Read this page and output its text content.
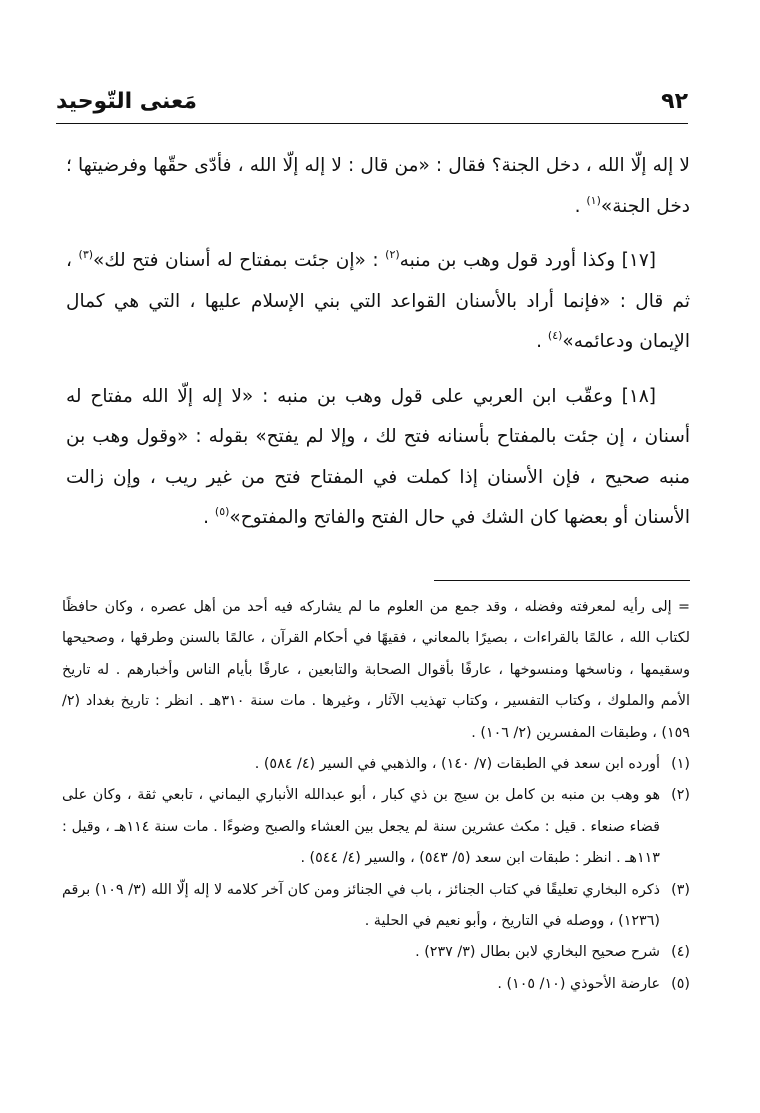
٩٢
مَعنى التّوحيد

لا إله إلّا الله ، دخل الجنة؟ فقال : «من قال : لا إله إلّا الله ، فأدّى حقّها وفرضيتها ؛ دخل الجنة»$^{(١)}$ .

[١٧] وكذا أورد قول وهب بن منبه$^{(٢)}$ : «إن جئت بمفتاح له أسنان فتح لك»$^{(٣)}$ ، ثم قال : «فإنما أراد بالأسنان القواعد التي بني الإسلام عليها ، التي هي كمال الإيمان ودعائمه»$^{(٤)}$ .

[١٨] وعقّب ابن العربي على قول وهب بن منبه : «لا إله إلّا الله مفتاح له أسنان ، إن جئت بالمفتاح بأسنانه فتح لك ، وإلا لم يفتح» بقوله : «وقول وهب بن منبه صحيح ، فإن الأسنان إذا كملت في المفتاح فتح من غير ريب ، وإن زالت الأسنان أو بعضها كان الشك في حال الفتح والفاتح والمفتوح»$^{(٥)}$ .

= إلى رأيه لمعرفته وفضله ، وقد جمع من العلوم ما لم يشاركه فيه أحد من أهل عصره ، وكان حافظًا لكتاب الله ، عالمًا بالقراءات ، بصيرًا بالمعاني ، فقيهًا في أحكام القرآن ، عالمًا بالسنن وطرقها ، وصحيحها وسقيمها ، وناسخها ومنسوخها ، عارفًا بأقوال الصحابة والتابعين ، عارفًا بأيام الناس وأخبارهم . له تاريخ الأمم والملوك ، وكتاب التفسير ، وكتاب تهذيب الآثار ، وغيرها . مات سنة ٣١٠هـ . انظر : تاريخ بغداد (٢/ ١٥٩) ، وطبقات المفسرين (٢/ ١٠٦) .

(١)
أورده ابن سعد في الطبقات (٧/ ١٤٠) ، والذهبي في السير (٤/ ٥٨٤) .

(٢)
هو وهب بن منبه بن كامل بن سيج بن ذي كبار ، أبو عبدالله الأنباري اليماني ، تابعي ثقة ، وكان على قضاء صنعاء . قيل : مكث عشرين سنة لم يجعل بين العشاء والصبح وضوءًا . مات سنة ١١٤هـ ، وقيل : ١١٣هـ . انظر : طبقات ابن سعد (٥/ ٥٤٣) ، والسير (٤/ ٥٤٤) .

(٣)
ذكره البخاري تعليقًا في كتاب الجنائز ، باب في الجنائز ومن كان آخر كلامه لا إله إلّا الله (٣/ ١٠٩) برقم (١٢٣٦) ، ووصله في التاريخ ، وأبو نعيم في الحلية .

(٤)
شرح صحيح البخاري لابن بطال (٣/ ٢٣٧) .

(٥)
عارضة الأحوذي (١٠/ ١٠٥) .
